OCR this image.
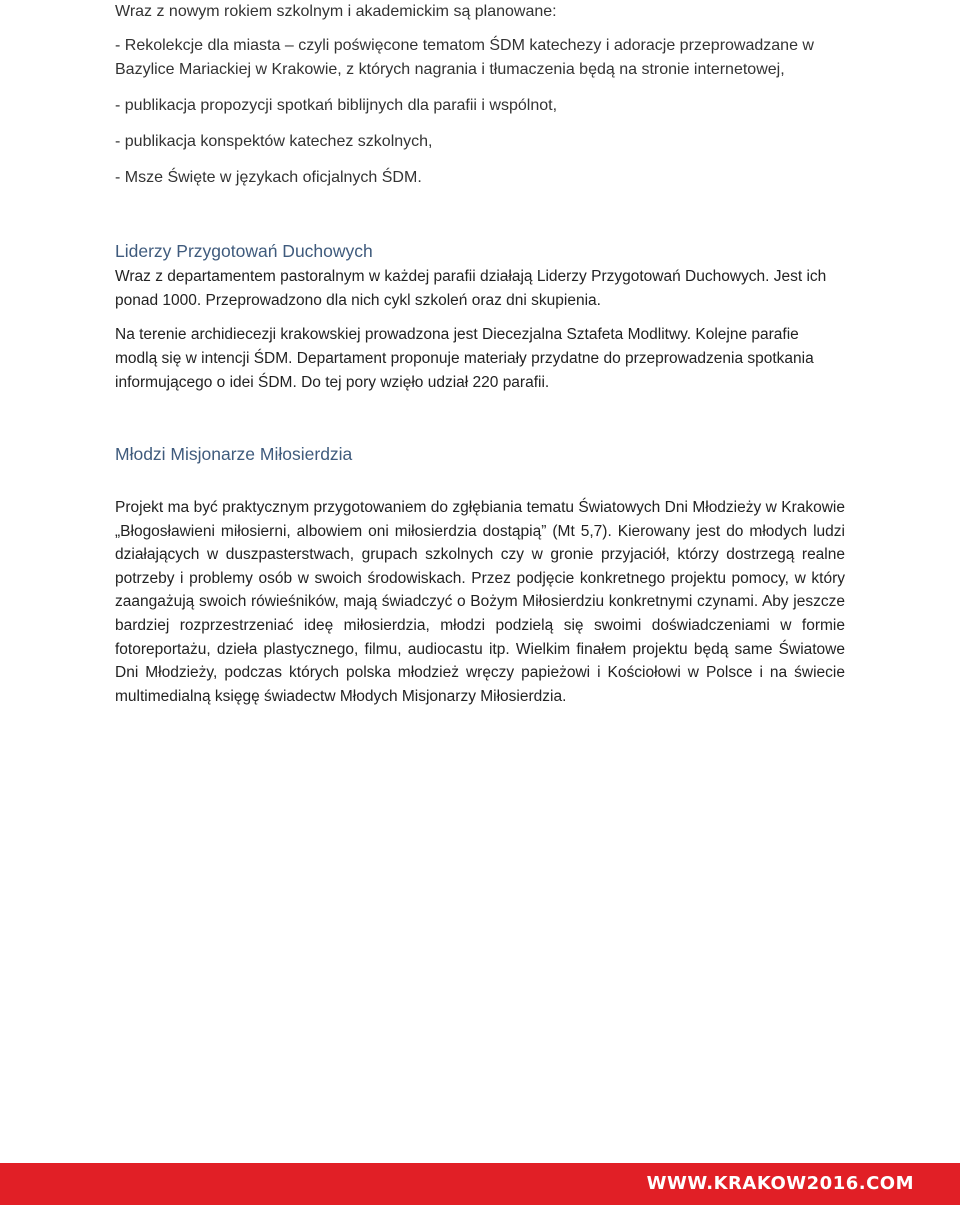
Wraz z nowym rokiem szkolnym i akademickim są planowane:

- Rekolekcje dla miasta – czyli poświęcone tematom ŚDM katechezy i adoracje przeprowadzane w Bazylice Mariackiej w Krakowie, z których nagrania i tłumaczenia będą na stronie internetowej,

- publikacja propozycji spotkań biblijnych dla parafii i wspólnot,

- publikacja konspektów katechez szkolnych,

- Msze Święte w językach oficjalnych ŚDM.

Liderzy Przygotowań Duchowych

Wraz z departamentem pastoralnym w każdej parafii działają Liderzy Przygotowań Duchowych. Jest ich ponad 1000. Przeprowadzono dla nich cykl szkoleń oraz dni skupienia.

Na terenie archidiecezji krakowskiej prowadzona jest Diecezjalna Sztafeta Modlitwy. Kolejne parafie modlą się w intencji ŚDM. Departament proponuje materiały przydatne do przeprowadzenia spotkania informującego o idei ŚDM. Do tej pory wzięło udział 220 parafii.

Młodzi Misjonarze Miłosierdzia

Projekt ma być praktycznym przygotowaniem do zgłębiania tematu Światowych Dni Młodzieży w Krakowie „Błogosławieni miłosierni, albowiem oni miłosierdzia dostąpią” (Mt 5,7). Kierowany jest do młodych ludzi działających w duszpasterstwach, grupach szkolnych czy w gronie przyjaciół, którzy dostrzegą realne potrzeby i problemy osób w swoich środowiskach. Przez podjęcie konkretnego projektu pomocy, w który zaangażują swoich rówieśników, mają świadczyć o Bożym Miłosierdziu konkretnymi czynami. Aby jeszcze bardziej rozprzestrzeniać ideę miłosierdzia, młodzi podzielą się swoimi doświadczeniami w formie fotoreportażu, dzieła plastycznego, filmu, audiocastu itp. Wielkim finałem projektu będą same Światowe Dni Młodzieży, podczas których polska młodzież wręczy papieżowi i Kościołowi w Polsce i na świecie multimedialną księgę świadectw Młodych Misjonarzy Miłosierdzia.

WWW.KRAKOW2016.COM
